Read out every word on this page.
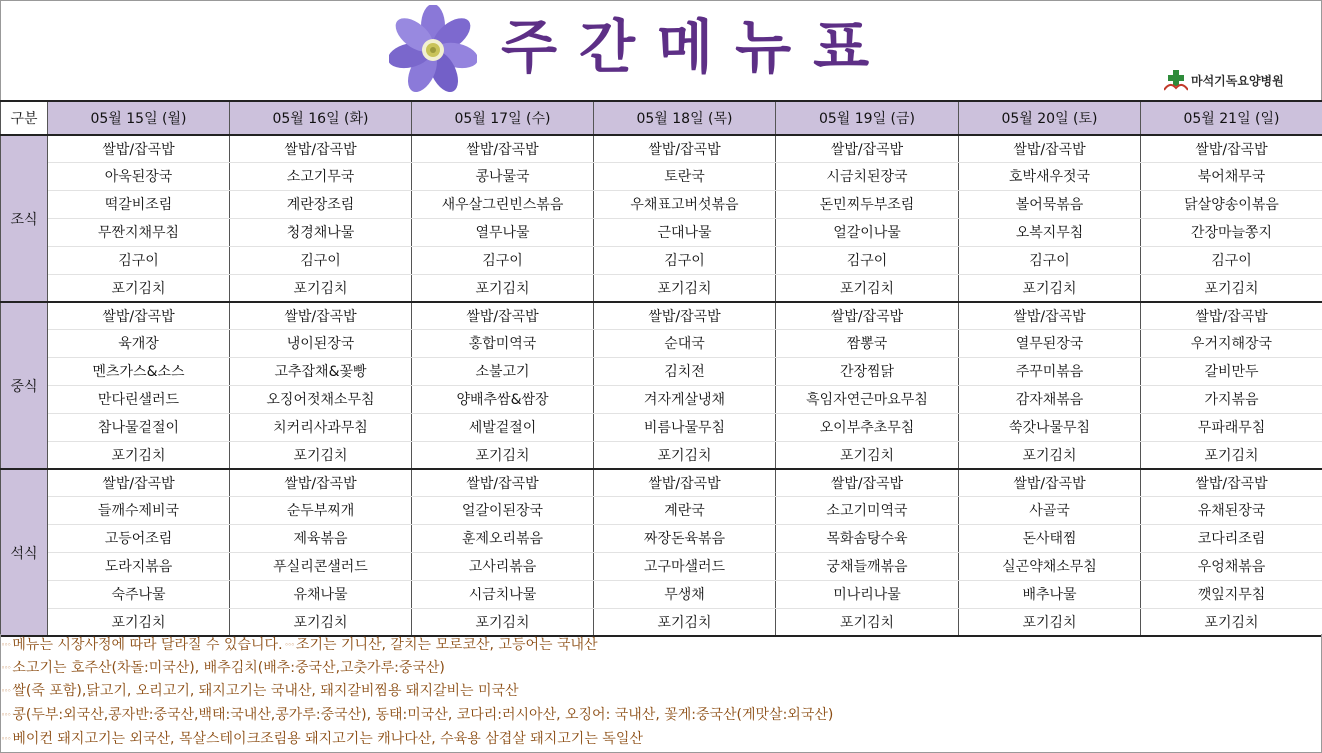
주간메뉴표	마석기독요양병원
구분	05월 15일 (월)	05월 16일 (화)	05월 17일 (수)	05월 18일 (목)	05월 19일 (금)	05월 20일 (토)	05월 21일 (일)
조식	쌀밥/잡곡밥	쌀밥/잡곡밥	쌀밥/잡곡밥	쌀밥/잡곡밥	쌀밥/잡곡밥	쌀밥/잡곡밥	쌀밥/잡곡밥
	아욱된장국	소고기무국	콩나물국	토란국	시금치된장국	호박새우젓국	북어채무국
	떡갈비조림	계란장조림	새우살그린빈스볶음	우채표고버섯볶음	돈민찌두부조림	볼어묵볶음	닭살양송이볶음
	무짠지채무침	청경채나물	열무나물	근대나물	얼갈이나물	오복지무침	간장마늘쫑지
	김구이	김구이	김구이	김구이	김구이	김구이	김구이
	포기김치	포기김치	포기김치	포기김치	포기김치	포기김치	포기김치
중식	쌀밥/잡곡밥	쌀밥/잡곡밥	쌀밥/잡곡밥	쌀밥/잡곡밥	쌀밥/잡곡밥	쌀밥/잡곡밥	쌀밥/잡곡밥
	육개장	냉이된장국	홍합미역국	순대국	짬뽕국	열무된장국	우거지해장국
	멘츠가스&소스	고추잡채&꽃빵	소불고기	김치전	간장찜닭	주꾸미볶음	갈비만두
	만다린샐러드	오징어젓채소무침	양배추쌈&쌈장	겨자게살냉채	흑임자연근마요무침	감자채볶음	가지볶음
	참나물겉절이	치커리사과무침	세발겉절이	비름나물무침	오이부추초무침	쑥갓나물무침	무파래무침
	포기김치	포기김치	포기김치	포기김치	포기김치	포기김치	포기김치
석식	쌀밥/잡곡밥	쌀밥/잡곡밥	쌀밥/잡곡밥	쌀밥/잡곡밥	쌀밥/잡곡밥	쌀밥/잡곡밥	쌀밥/잡곡밥
	들깨수제비국	순두부찌개	얼갈이된장국	계란국	소고기미역국	사골국	유채된장국
	고등어조림	제육볶음	훈제오리볶음	짜장돈육볶음	목화솜탕수육	돈사태찜	코다리조림
	도라지볶음	푸실리콘샐러드	고사리볶음	고구마샐러드	궁채들깨볶음	실곤약채소무침	우엉채볶음
	숙주나물	유채나물	시금치나물	무생채	미나리나물	배추나물	깻잎지무침
	포기김치	포기김치	포기김치	포기김치	포기김치	포기김치	포기김치
◦◦◦ 메뉴는 시장사정에 따라 달라질 수 있습니다. ◦◦◦ 조기는 기니산, 갈치는 모로코산, 고등어는 국내산
◦◦◦ 소고기는 호주산(차돌:미국산), 배추김치(배추:중국산,고춧가루:중국산)
◦◦◦ 쌀(죽 포함),닭고기, 오리고기, 돼지고기는 국내산, 돼지갈비찜용 돼지갈비는 미국산
◦◦◦ 콩(두부:외국산,콩자반:중국산,백태:국내산,콩가루:중국산), 동태:미국산, 코다리:러시아산, 오징어: 국내산, 꽃게:중국산(게맛살:외국산)
◦◦◦ 베이컨 돼지고기는 외국산, 목살스테이크조림용 돼지고기는 캐나다산, 수육용 삼겹살 돼지고기는 독일산
